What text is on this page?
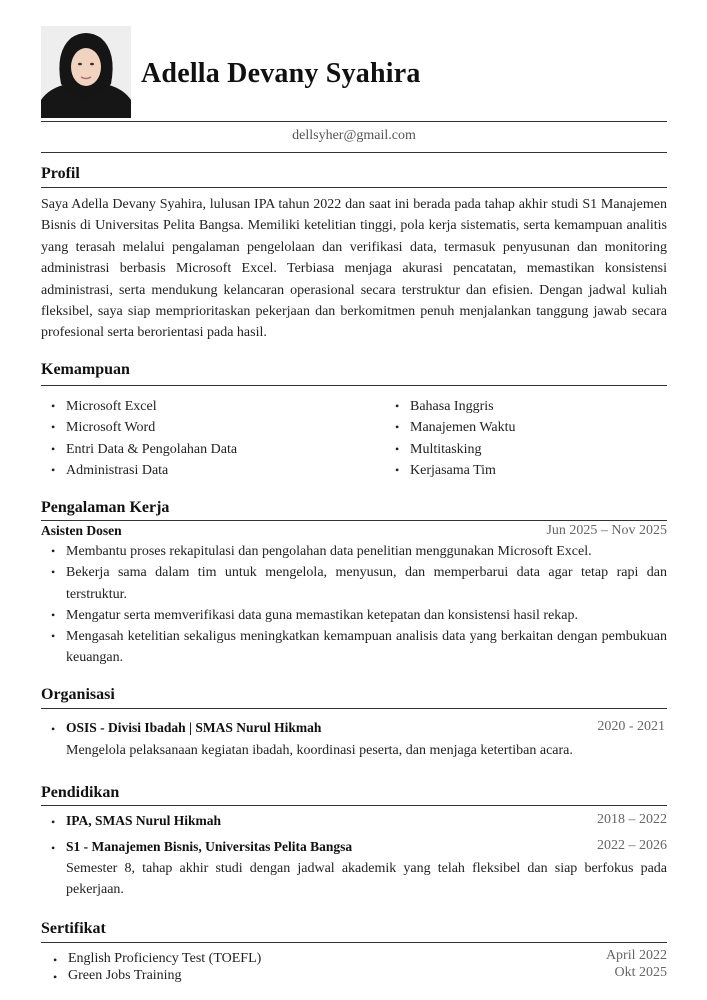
Adella Devany Syahira
dellsyher@gmail.com
Profil
Saya Adella Devany Syahira, lulusan IPA tahun 2022 dan saat ini berada pada tahap akhir studi S1 Manajemen Bisnis di Universitas Pelita Bangsa. Memiliki ketelitian tinggi, pola kerja sistematis, serta kemampuan analitis yang terasah melalui pengalaman pengelolaan dan verifikasi data, termasuk penyusunan dan monitoring administrasi berbasis Microsoft Excel. Terbiasa menjaga akurasi pencatatan, memastikan konsistensi administrasi, serta mendukung kelancaran operasional secara terstruktur dan efisien. Dengan jadwal kuliah fleksibel, saya siap memprioritaskan pekerjaan dan berkomitmen penuh menjalankan tanggung jawab secara profesional serta berorientasi pada hasil.
Kemampuan
• Microsoft Excel
• Microsoft Word
• Entri Data & Pengolahan Data
• Administrasi Data
• Bahasa Inggris
• Manajemen Waktu
• Multitasking
• Kerjasama Tim
Pengalaman Kerja
Asisten Dosen	Jun 2025 – Nov 2025
• Membantu proses rekapitulasi dan pengolahan data penelitian menggunakan Microsoft Excel.
• Bekerja sama dalam tim untuk mengelola, menyusun, dan memperbarui data agar tetap rapi dan terstruktur.
• Mengatur serta memverifikasi data guna memastikan ketepatan dan konsistensi hasil rekap.
• Mengasah ketelitian sekaligus meningkatkan kemampuan analisis data yang berkaitan dengan pembukuan keuangan.
Organisasi
• OSIS - Divisi Ibadah | SMAS Nurul Hikmah	2020 - 2021
Mengelola pelaksanaan kegiatan ibadah, koordinasi peserta, dan menjaga ketertiban acara.
Pendidikan
• IPA, SMAS Nurul Hikmah	2018 – 2022
• S1 - Manajemen Bisnis, Universitas Pelita Bangsa	2022 – 2026
Semester 8, tahap akhir studi dengan jadwal akademik yang telah fleksibel dan siap berfokus pada pekerjaan.
Sertifikat
• English Proficiency Test (TOEFL)	April 2022
• Green Jobs Training	Okt 2025
